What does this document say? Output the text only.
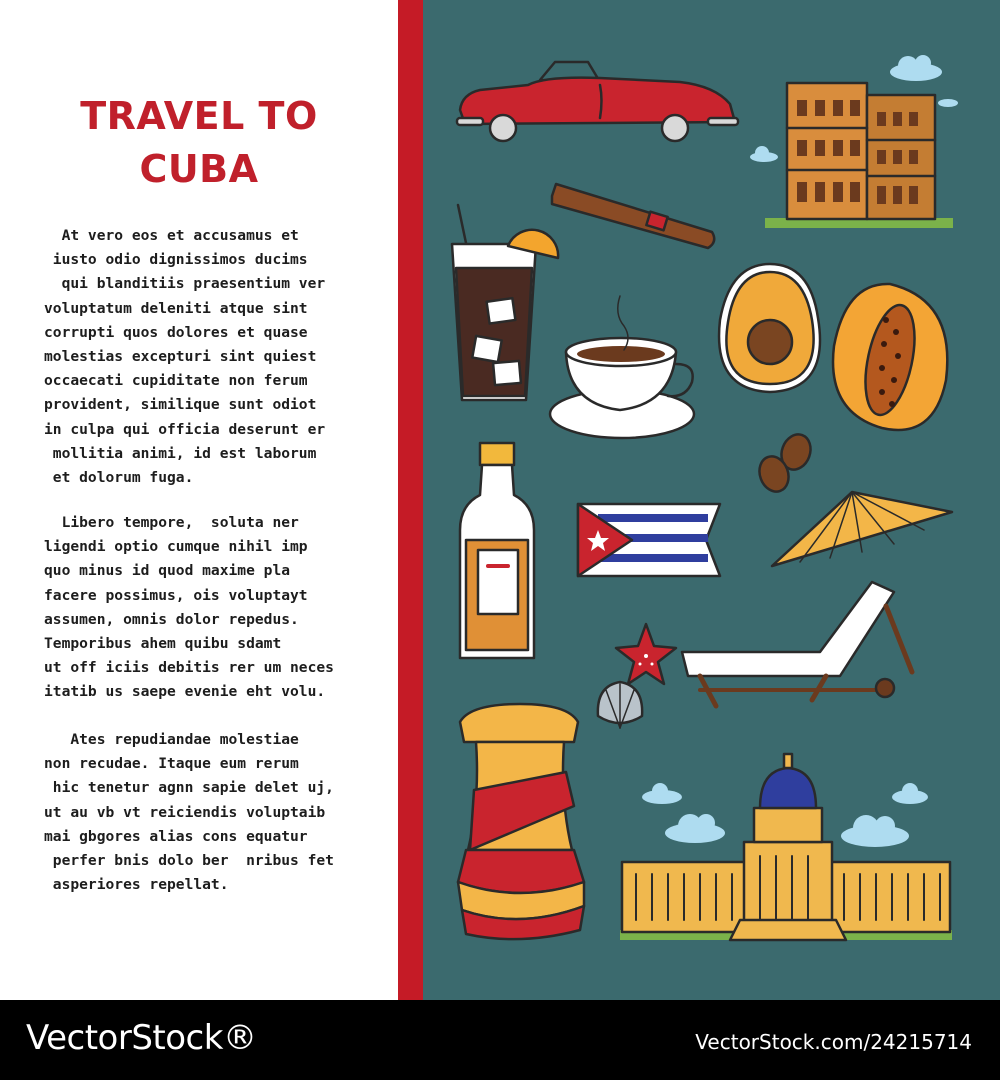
TRAVEL TO
CUBA

At vero eos et accusamus et
iusto odio dignissimos ducims
qui blanditiis praesentium ver
voluptatum deleniti atque sint
corrupti quos dolores et quase
molestias excepturi sint quiest
occaecati cupiditate non ferum
provident, similique sunt odiot
in culpa qui officia deserunt er
mollitia animi, id est laborum
et dolorum fuga.

Libero tempore,  soluta ner
ligendi optio cumque nihil imp
quo minus id quod maxime pla
facere possimus, ois voluptayt
assumen, omnis dolor repedus.
Temporibus ahem quibu sdamt
ut off iciis debitis rer um neces
itatib us saepe evenie eht volu.

Ates repudiandae molestiae
non recudae. Itaque eum rerum
hic tenetur agnn sapie delet uj,
ut au vb vt reiciendis voluptaib
mai gbgores alias cons equatur
perfer bnis dolo ber  nribus fet
asperiores repellat.

VectorStock®	VectorStock.com/24215714
